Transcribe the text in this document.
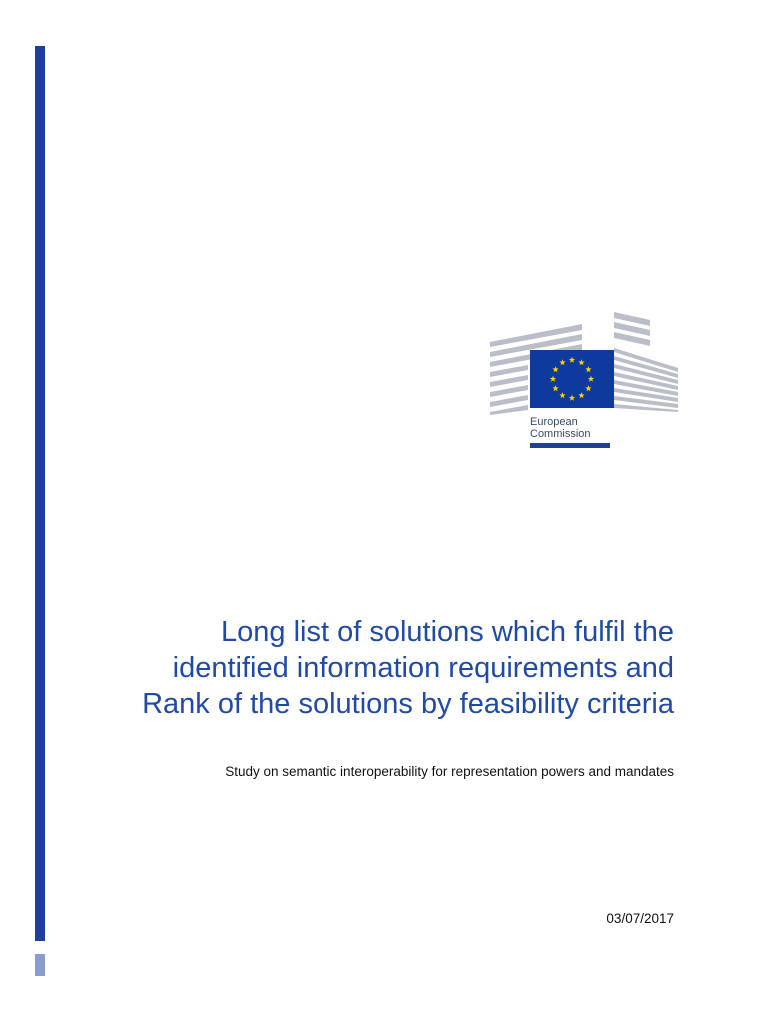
European
Commission
Long list of solutions which fulfil the identified information requirements and Rank of the solutions by feasibility criteria

Study on semantic interoperability for representation powers and mandates

03/07/2017
